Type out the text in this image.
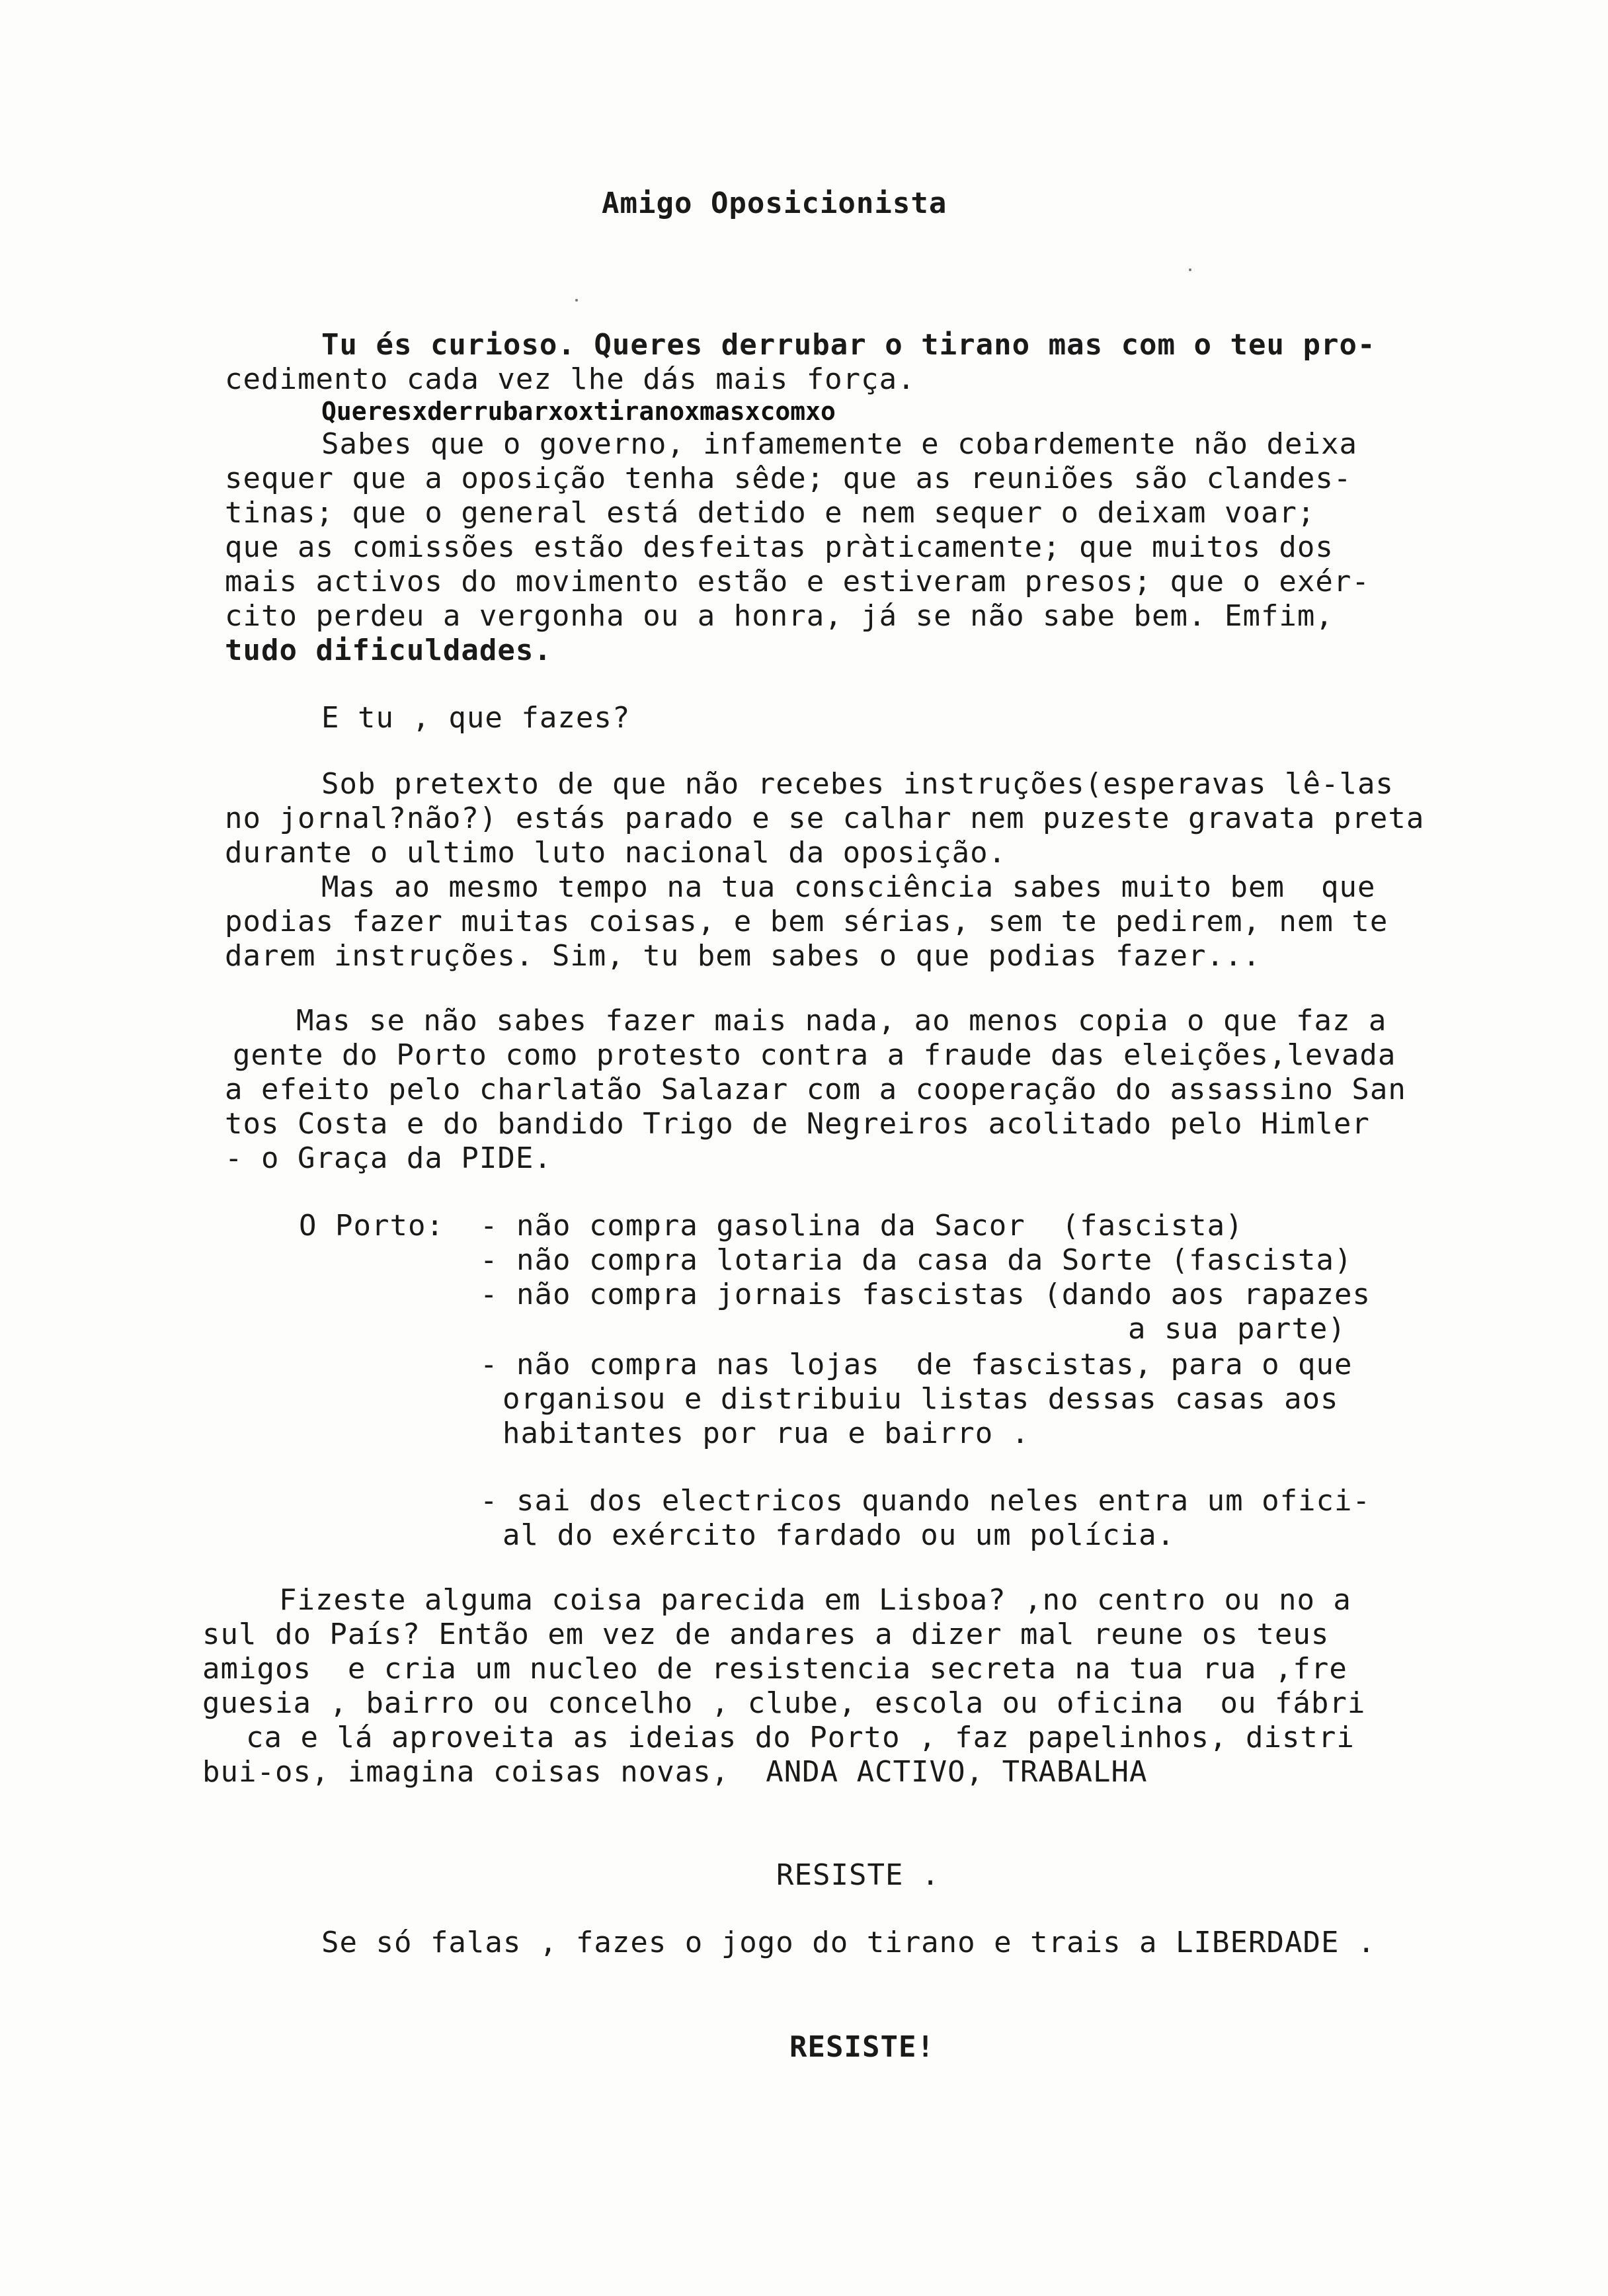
Amigo Oposicionista
Tu és curioso. Queres derrubar o tirano mas com o teu pro-
cedimento cada vez lhe dás mais força.
Queresxderrubarxoxtiranoxmasxcomxo
Sabes que o governo, infamemente e cobardemente não deixa
sequer que a oposição tenha sêde; que as reuniões são clandes-
tinas; que o general está detido e nem sequer o deixam voar;
que as comissões estão desfeitas pràticamente; que muitos dos
mais activos do movimento estão e estiveram presos; que o exér-
cito perdeu a vergonha ou a honra, já se não sabe bem. Emfim,
tudo dificuldades.
E tu , que fazes?
Sob pretexto de que não recebes instruções(esperavas lê-las
no jornal?não?) estás parado e se calhar nem puzeste gravata preta
durante o ultimo luto nacional da oposição.
Mas ao mesmo tempo na tua consciência sabes muito bem  que
podias fazer muitas coisas, e bem sérias, sem te pedirem, nem te
darem instruções. Sim, tu bem sabes o que podias fazer...
Mas se não sabes fazer mais nada, ao menos copia o que faz a
gente do Porto como protesto contra a fraude das eleições,levada
a efeito pelo charlatão Salazar com a cooperação do assassino San
tos Costa e do bandido Trigo de Negreiros acolitado pelo Himler
- o Graça da PIDE.
O Porto: - não compra gasolina da Sacor  (fascista)
- não compra lotaria da casa da Sorte (fascista)
- não compra jornais fascistas (dando aos rapazes
a sua parte)
- não compra nas lojas  de fascistas, para o que
organisou e distribuiu listas dessas casas aos
habitantes por rua e bairro .
- sai dos electricos quando neles entra um ofici-
al do exército fardado ou um polícia.
Fizeste alguma coisa parecida em Lisboa? ,no centro ou no a
sul do País? Então em vez de andares a dizer mal reune os teus
amigos  e cria um nucleo de resistencia secreta na tua rua ,fre
guesia , bairro ou concelho , clube, escola ou oficina  ou fábri
ca e lá aproveita as ideias do Porto , faz papelinhos, distri
bui-os, imagina coisas novas,  ANDA ACTIVO, TRABALHA
RESISTE .
Se só falas , fazes o jogo do tirano e trais a LIBERDADE .
RESISTE!
